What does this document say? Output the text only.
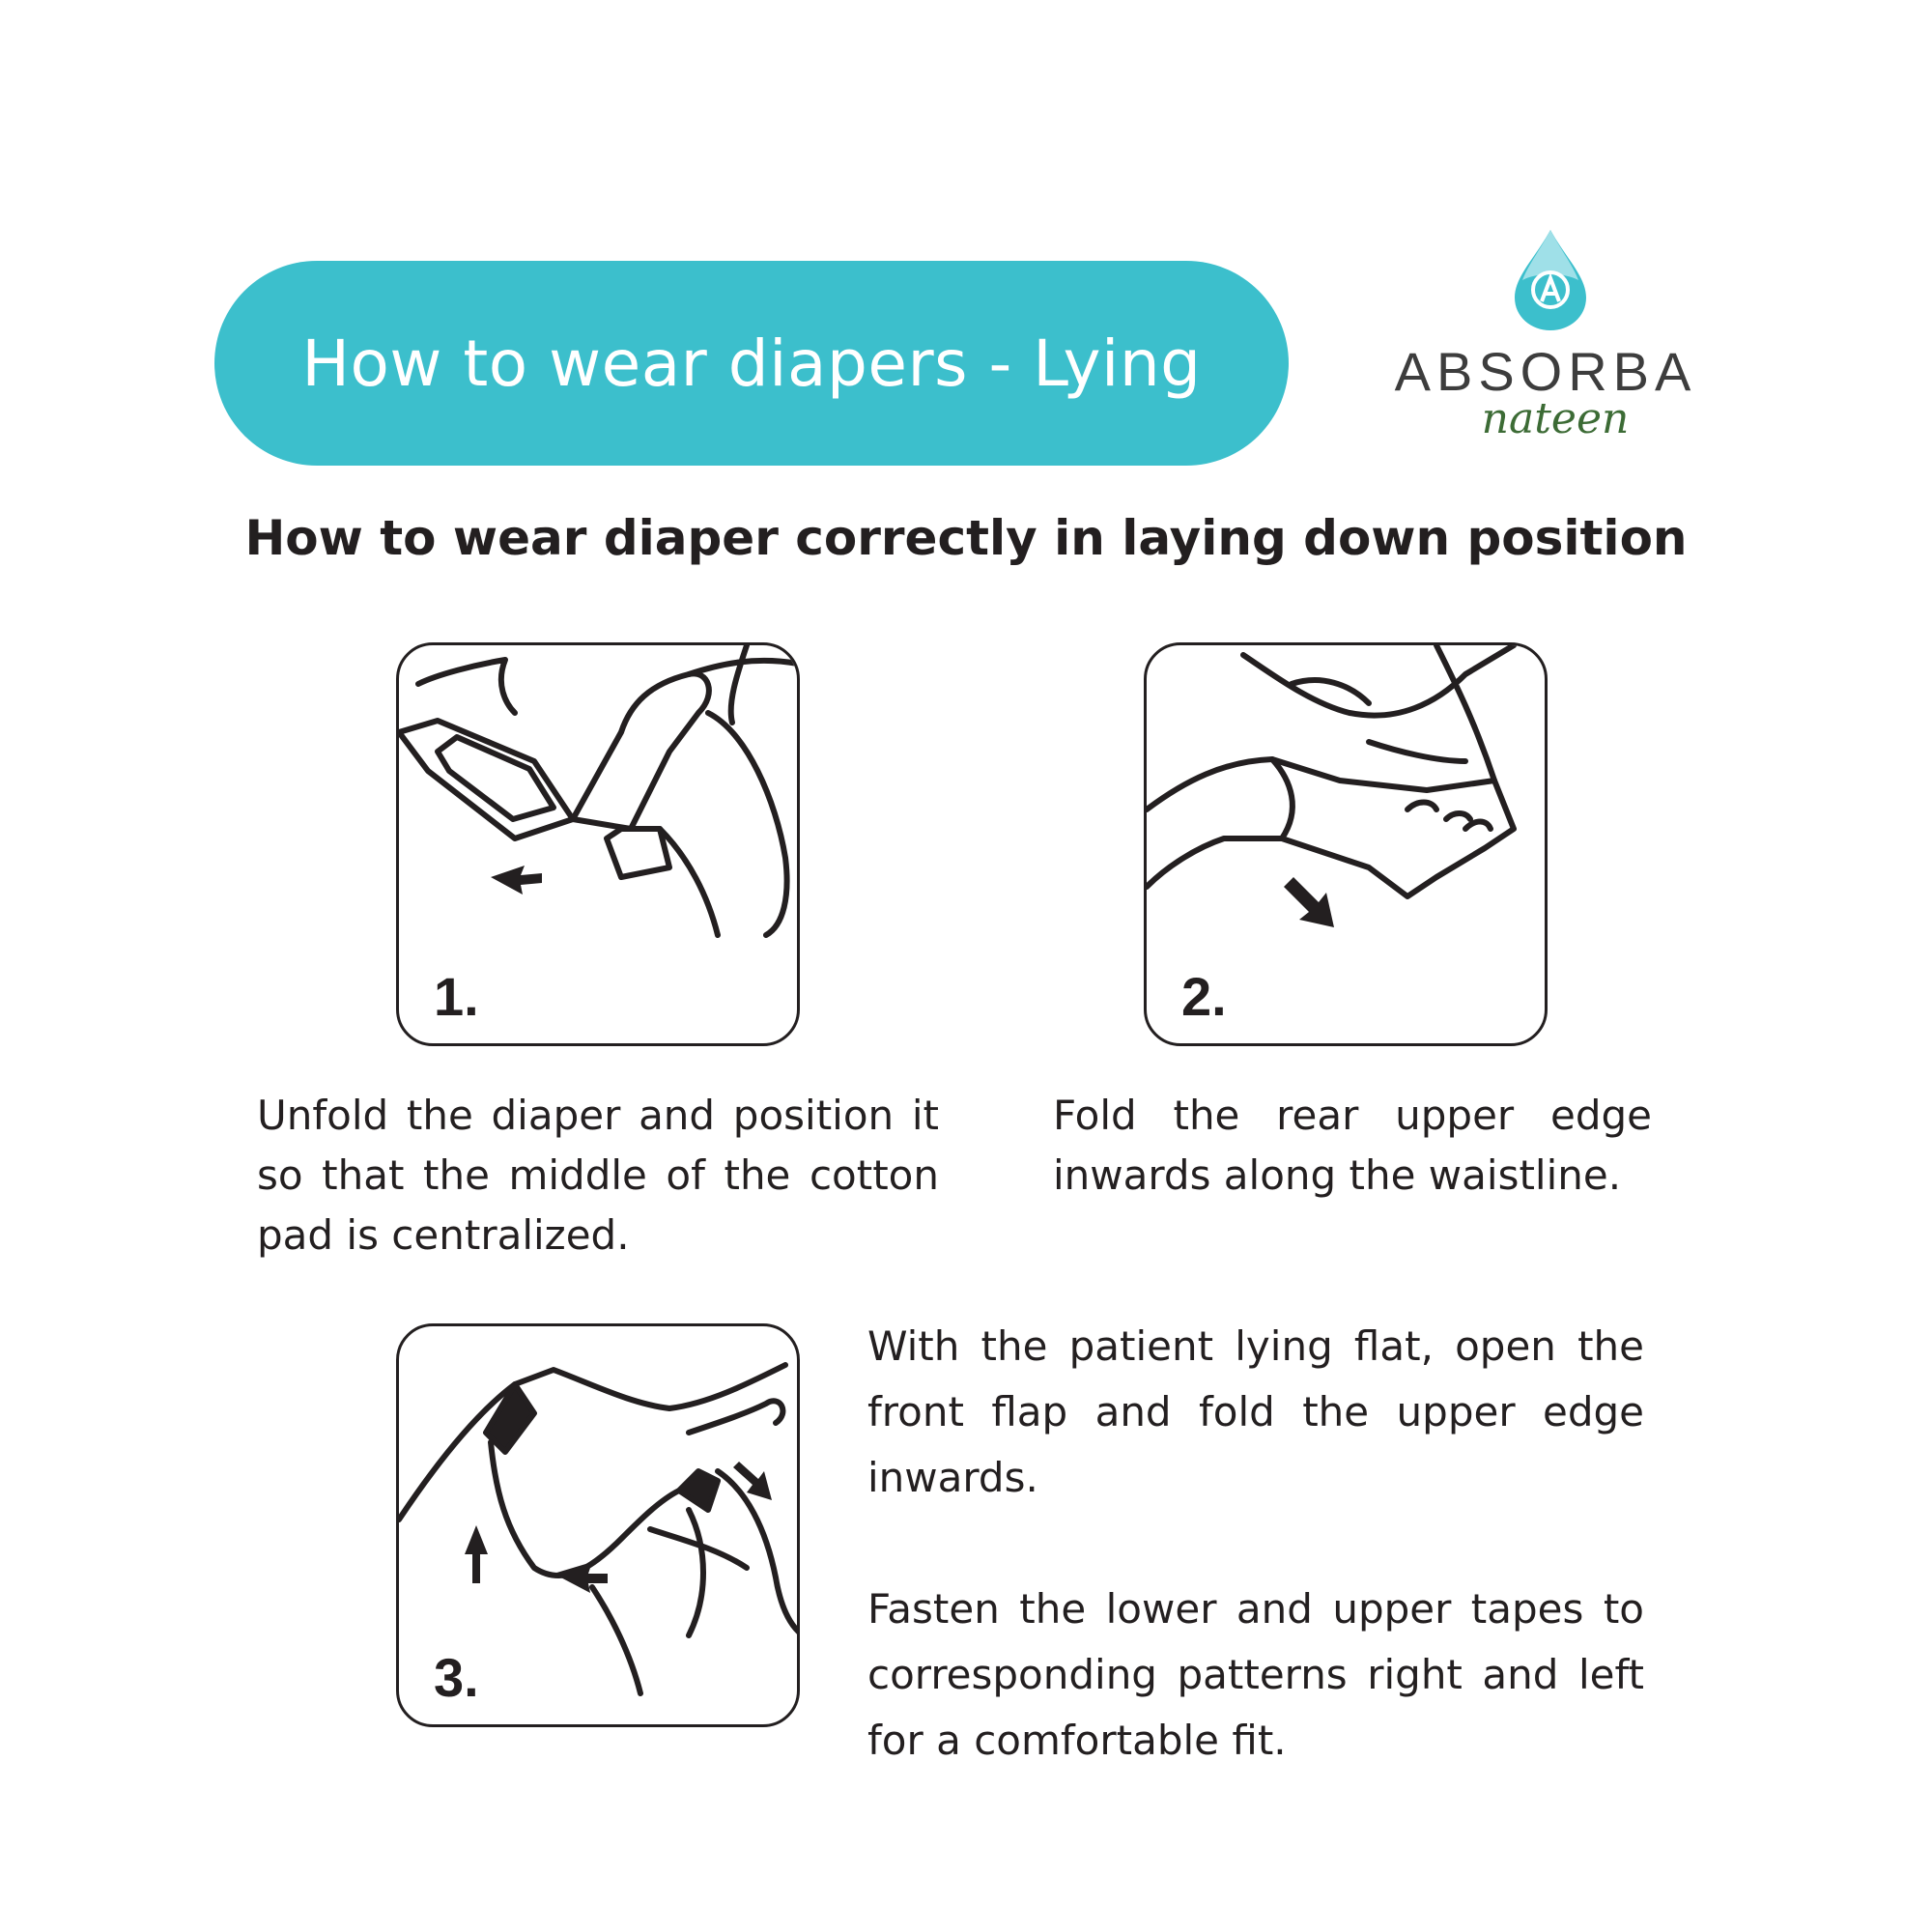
How to wear diapers - Lying	ABSORBA
nateen
How to wear diaper correctly in laying down position
1.	2.
3.
Unfold the diaper and position it so that the middle of the cotton pad is centralized.
Fold the rear upper edge inwards along the waistline.
With the patient lying flat, open the front flap and fold the upper edge inwards.
Fasten the lower and upper tapes to corresponding patterns right and left for a comfortable fit.
